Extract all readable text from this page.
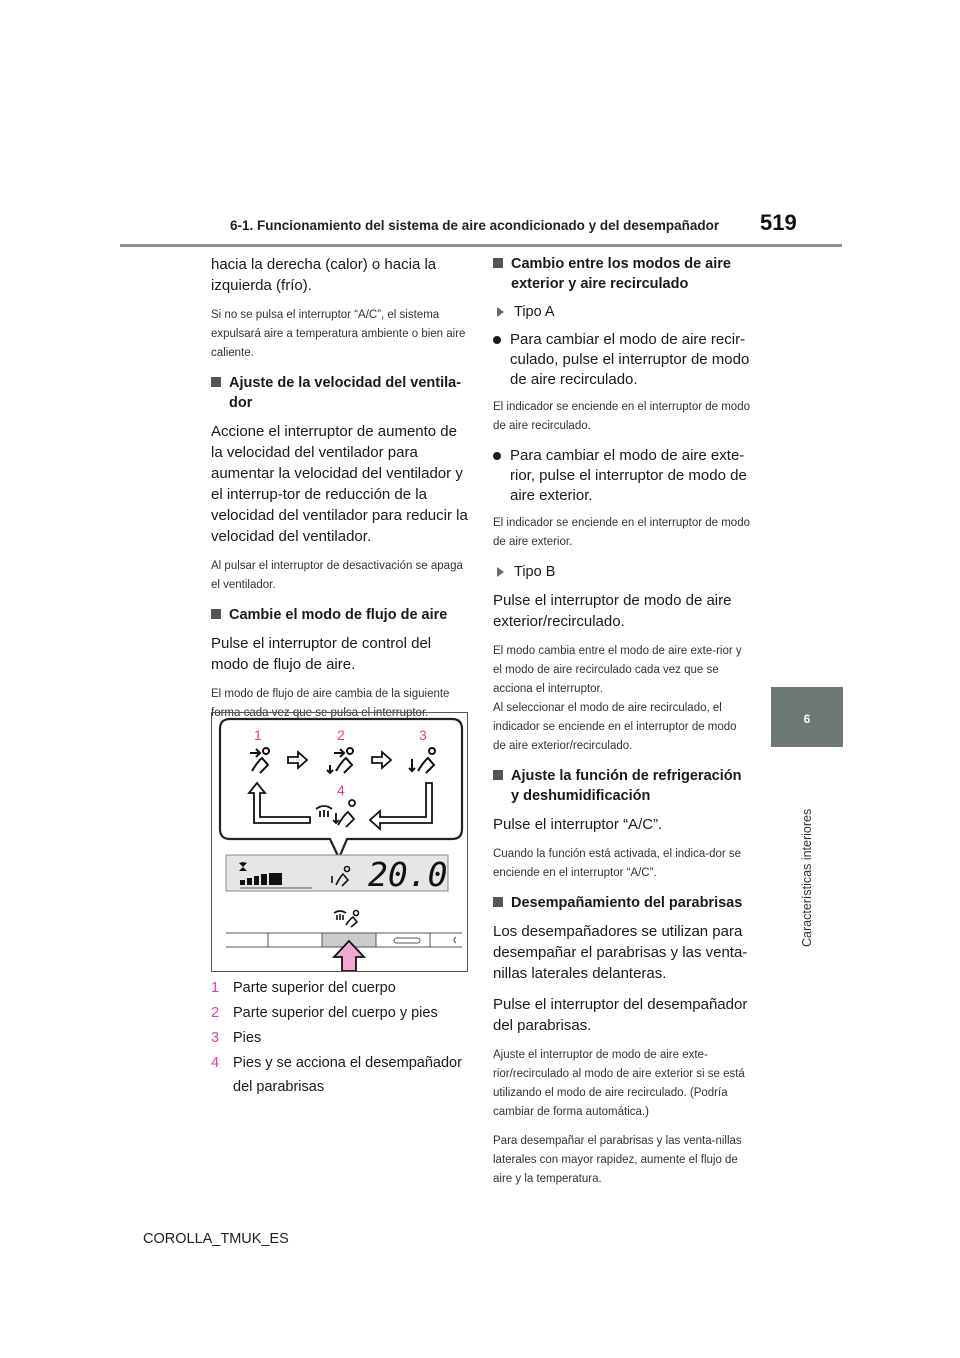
6-1. Funcionamiento del sistema de aire acondicionado y del desempañador 519
6
Características interiores

hacia la derecha (calor) o hacia la izquierda (frío).

Si no se pulsa el interruptor “A/C”, el sistema expulsará aire a temperatura ambiente o bien aire caliente.

Ajuste de la velocidad del ventila-dor

Accione el interruptor de aumento de la velocidad del ventilador para aumentar la velocidad del ventilador y el interrup-tor de reducción de la velocidad del ventilador para reducir la velocidad del ventilador.

Al pulsar el interruptor de desactivación se apaga el ventilador.

Cambie el modo de flujo de aire

Pulse el interruptor de control del modo de flujo de aire.

El modo de flujo de aire cambia de la siguiente forma cada vez que se pulsa el interruptor.

1	2	3
4
20.0
1 Parte superior del cuerpo
2 Parte superior del cuerpo y pies
3 Pies
4 Pies y se acciona el desempañador del parabrisas
Cambio entre los modos de aire exterior y aire recirculado
Tipo A
Para cambiar el modo de aire recir-culado, pulse el interruptor de modo de aire recirculado.

El indicador se enciende en el interruptor de modo de aire recirculado.

Para cambiar el modo de aire exte-rior, pulse el interruptor de modo de aire exterior.

El indicador se enciende en el interruptor de modo de aire exterior.

Tipo B

Pulse el interruptor de modo de aire exterior/recirculado.

El modo cambia entre el modo de aire exte-rior y el modo de aire recirculado cada vez que se acciona el interruptor.

Al seleccionar el modo de aire recirculado, el indicador se enciende en el interruptor de modo de aire exterior/recirculado.

Ajuste la función de refrigeración y deshumidificación

Pulse el interruptor “A/C”.

Cuando la función está activada, el indica-dor se enciende en el interruptor “A/C”.

Desempañamiento del parabrisas

Los desempañadores se utilizan para desempañar el parabrisas y las venta-nillas laterales delanteras.

Pulse el interruptor del desempañador del parabrisas.

Ajuste el interruptor de modo de aire exte-rior/recirculado al modo de aire exterior si se está utilizando el modo de aire recirculado. (Podría cambiar de forma automática.)

Para desempañar el parabrisas y las venta-nillas laterales con mayor rapidez, aumente el flujo de aire y la temperatura.

COROLLA_TMUK_ES
